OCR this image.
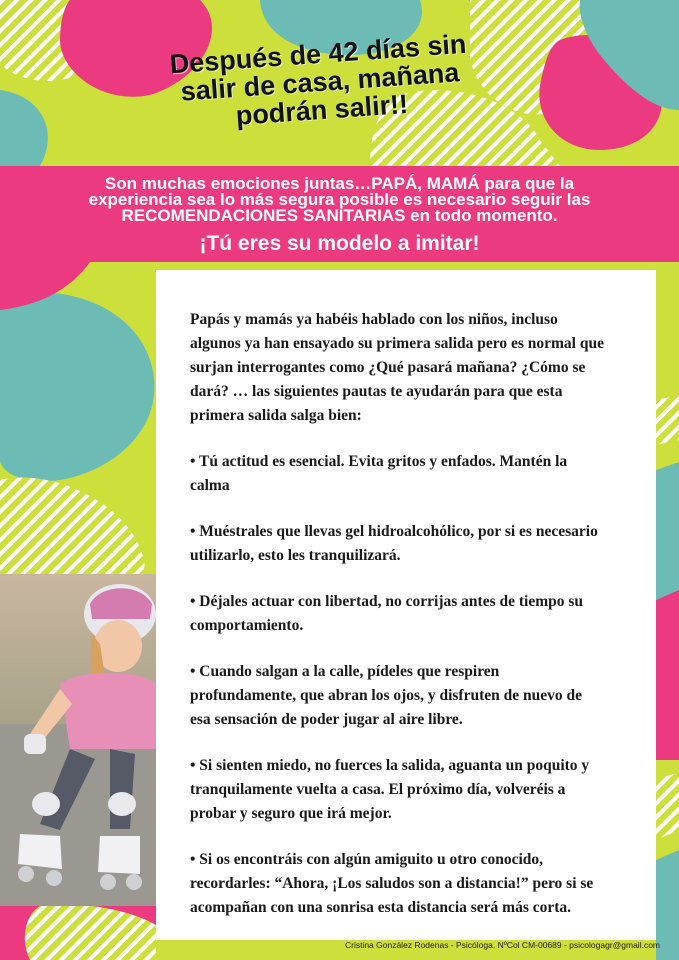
Después de 42 días sin
salir de casa, mañana
podrán salir!!
Son muchas emociones juntas…PAPÁ, MAMÁ para que la
experiencia sea lo más segura posible es necesario seguir las
RECOMENDACIONES SANITARIAS en todo momento.
¡Tú eres su modelo a imitar!

Papás y mamás ya habéis hablado con los niños, incluso
algunos ya han ensayado su primera salida pero es normal que
surjan interrogantes como ¿Qué pasará mañana? ¿Cómo se
dará? … las siguientes pautas te ayudarán para que esta
primera salida salga bien:

• Tú actitud es esencial. Evita gritos y enfados. Mantén la
calma

• Muéstrales que llevas gel hidroalcohólico, por si es necesario
utilizarlo, esto les tranquilizará.

• Déjales actuar con libertad, no corrijas antes de tiempo su
comportamiento.

• Cuando salgan a la calle, pídeles que respiren
profundamente, que abran los ojos, y disfruten de nuevo de
esa sensación de poder jugar al aire libre.

• Si sienten miedo, no fuerces la salida, aguanta un poquito y
tranquilamente vuelta a casa. El próximo día, volveréis a
probar y seguro que irá mejor.

• Si os encontráis con algún amiguito u otro conocido,
recordarles: “Ahora, ¡Los saludos son a distancia!” pero si se
acompañan con una sonrisa esta distancia será más corta.

Cristina González Rodenas - Psicóloga. NºCol CM-00689 - psicologagr@gmail.com
